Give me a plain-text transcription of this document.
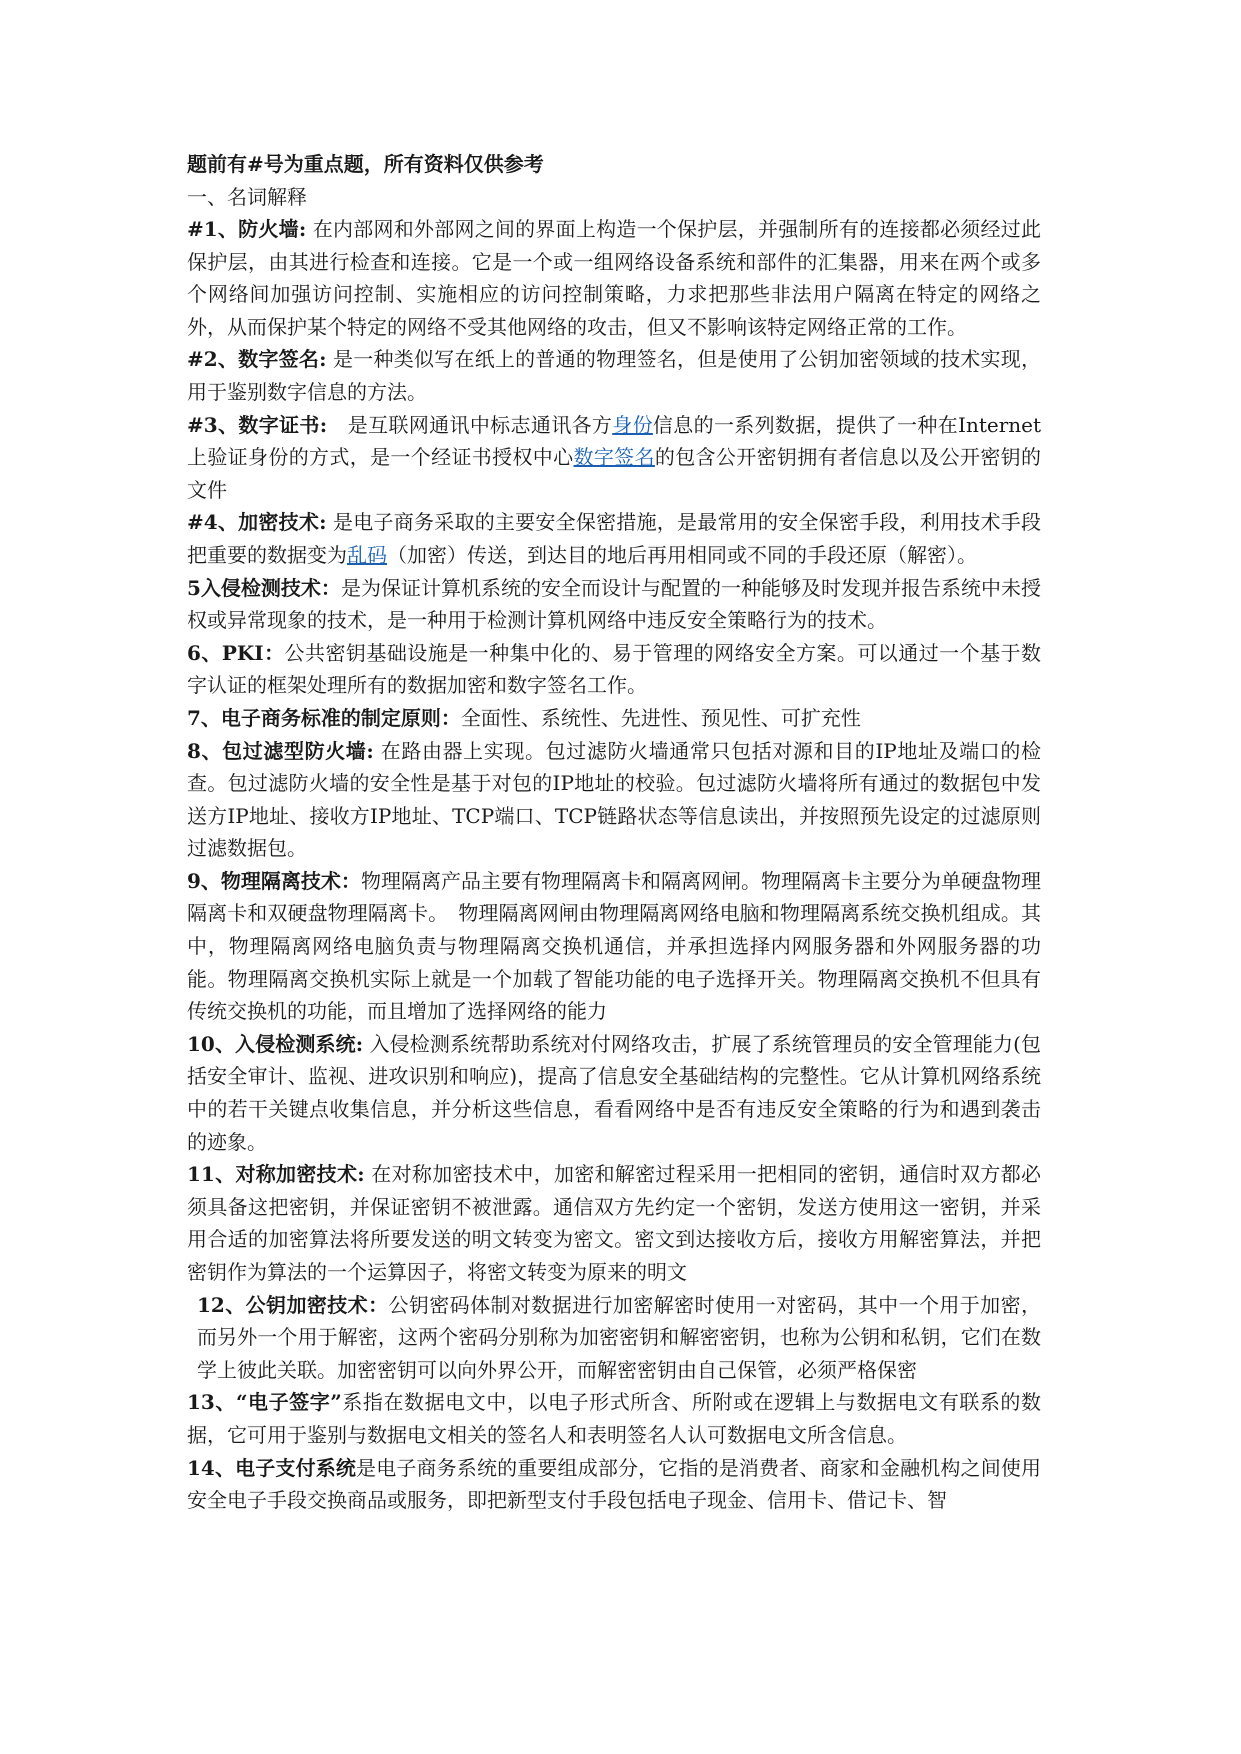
题前有#号为重点题，所有资料仅供参考

一、名词解释

#1、防火墙: 在内部网和外部网之间的界面上构造一个保护层，并强制所有的连接都必须经过此保护层，由其进行检查和连接。它是一个或一组网络设备系统和部件的汇集器，用来在两个或多个网络间加强访问控制、实施相应的访问控制策略，力求把那些非法用户隔离在特定的网络之外，从而保护某个特定的网络不受其他网络的攻击，但又不影响该特定网络正常的工作。

#2、数字签名: 是一种类似写在纸上的普通的物理签名，但是使用了公钥加密领域的技术实现，用于鉴别数字信息的方法。

#3、数字证书:　是互联网通讯中标志通讯各方身份信息的一系列数据，提供了一种在Internet上验证身份的方式，是一个经证书授权中心数字签名的包含公开密钥拥有者信息以及公开密钥的文件

#4、加密技术: 是电子商务采取的主要安全保密措施，是最常用的安全保密手段，利用技术手段把重要的数据变为乱码（加密）传送，到达目的地后再用相同或不同的手段还原（解密）。

5入侵检测技术：是为保证计算机系统的安全而设计与配置的一种能够及时发现并报告系统中未授权或异常现象的技术，是一种用于检测计算机网络中违反安全策略行为的技术。

6、PKI：公共密钥基础设施是一种集中化的、易于管理的网络安全方案。可以通过一个基于数字认证的框架处理所有的数据加密和数字签名工作。

7、电子商务标准的制定原则：全面性、系统性、先进性、预见性、可扩充性

8、包过滤型防火墙: 在路由器上实现。包过滤防火墙通常只包括对源和目的IP地址及端口的检查。包过滤防火墙的安全性是基于对包的IP地址的校验。包过滤防火墙将所有通过的数据包中发送方IP地址、接收方IP地址、TCP端口、TCP链路状态等信息读出，并按照预先设定的过滤原则过滤数据包。

9、物理隔离技术：物理隔离产品主要有物理隔离卡和隔离网闸。物理隔离卡主要分为单硬盘物理隔离卡和双硬盘物理隔离卡。　物理隔离网闸由物理隔离网络电脑和物理隔离系统交换机组成。其中，物理隔离网络电脑负责与物理隔离交换机通信，并承担选择内网服务器和外网服务器的功能。物理隔离交换机实际上就是一个加载了智能功能的电子选择开关。物理隔离交换机不但具有传统交换机的功能，而且增加了选择网络的能力

10、入侵检测系统: 入侵检测系统帮助系统对付网络攻击，扩展了系统管理员的安全管理能力(包括安全审计、监视、进攻识别和响应)，提高了信息安全基础结构的完整性。它从计算机网络系统中的若干关键点收集信息，并分析这些信息，看看网络中是否有违反安全策略的行为和遇到袭击的迹象。

11、对称加密技术: 在对称加密技术中，加密和解密过程采用一把相同的密钥，通信时双方都必须具备这把密钥，并保证密钥不被泄露。通信双方先约定一个密钥，发送方使用这一密钥，并采用合适的加密算法将所要发送的明文转变为密文。密文到达接收方后，接收方用解密算法，并把密钥作为算法的一个运算因子，将密文转变为原来的明文

12、公钥加密技术：公钥密码体制对数据进行加密解密时使用一对密码，其中一个用于加密，而另外一个用于解密，这两个密码分别称为加密密钥和解密密钥，也称为公钥和私钥，它们在数学上彼此关联。加密密钥可以向外界公开，而解密密钥由自己保管，必须严格保密

13、“电子签字”系指在数据电文中，以电子形式所含、所附或在逻辑上与数据电文有联系的数据，它可用于鉴别与数据电文相关的签名人和表明签名人认可数据电文所含信息。

14、电子支付系统是电子商务系统的重要组成部分，它指的是消费者、商家和金融机构之间使用安全电子手段交换商品或服务，即把新型支付手段包括电子现金、信用卡、借记卡、智
